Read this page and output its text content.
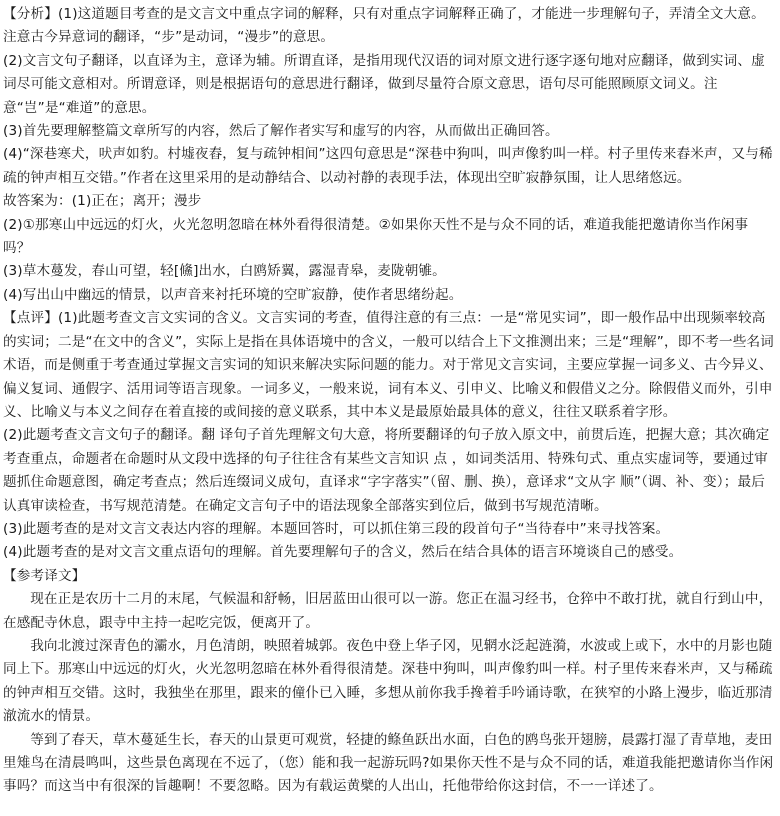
【分析】(1)这道题目考查的是文言文中重点字词的解释，只有对重点字词解释正确了，才能进一步理解句子，弄清全文大意。注意古今异意词的翻译，“步”是动词，“漫步”的意思。

(2)文言文句子翻译，以直译为主，意译为辅。所谓直译，是指用现代汉语的词对原文进行逐字逐句地对应翻译，做到实词、虚词尽可能文意相对。所谓意译，则是根据语句的意思进行翻译，做到尽量符合原文意思，语句尽可能照顾原文词义。注意“岂”是“难道”的意思。

(3)首先要理解整篇文章所写的内容，然后了解作者实写和虚写的内容，从而做出正确回答。

(4)“深巷寒犬，吠声如豹。村墟夜舂，复与疏钟相间”这四句意思是“深巷中狗叫，叫声像豹叫一样。村子里传来舂米声，又与稀疏的钟声相互交错。”作者在这里采用的是动静结合、以动衬静的表现手法，体现出空旷寂静氛围，让人思绪悠远。

故答案为：(1)正在；离开；漫步

(2)①那寒山中远远的灯火，火光忽明忽暗在林外看得很清楚。②如果你天性不是与众不同的话，难道我能把邀请你当作闲事吗？

(3)草木蔓发，春山可望，轻[鯈]出水，白鸥矫翼，露湿青皋，麦陇朝雊。

(4)写出山中幽远的情景，以声音来衬托环境的空旷寂静，使作者思绪纷起。

【点评】(1)此题考查文言文实词的含义。文言实词的考查，值得注意的有三点：一是“常见实词”，即一般作品中出现频率较高的实词；二是“在文中的含义”，实际上是指在具体语境中的含义，一般可以结合上下文推测出来；三是“理解”，即不考一些名词术语，而是侧重于考查通过掌握文言实词的知识来解决实际问题的能力。对于常见文言实词，主要应掌握一词多义、古今异义、偏义复词、通假字、活用词等语言现象。一词多义，一般来说，词有本义、引申义、比喻义和假借义之分。除假借义而外，引申义、比喻义与本义之间存在着直接的或间接的意义联系，其中本义是最原始最具体的意义，往往又联系着字形。

(2)此题考查文言文句子的翻译。翻 译句子首先理解文句大意，将所要翻译的句子放入原文中，前贯后连，把握大意；其次确定考查重点，命题者在命题时从文段中选择的句子往往含有某些文言知识 点 ，如词类活用、特殊句式、重点实虚词等，要通过审题抓住命题意图，确定考查点；然后连缀词义成句，直译求“字字落实”（留、删、换），意译求“文从字 顺”（调、补、变）；最后认真审读检查，书写规范清楚。在确定文言句子中的语法现象全部落实到位后，做到书写规范清晰。

(3)此题考查的是对文言文表达内容的理解。本题回答时，可以抓住第三段的段首句子“当待春中”来寻找答案。

(4)此题考查的是对文言文重点语句的理解。首先要理解句子的含义，然后在结合具体的语言环境谈自己的感受。

【参考译文】

现在正是农历十二月的末尾，气候温和舒畅，旧居蓝田山很可以一游。您正在温习经书，仓猝中不敢打扰，就自行到山中，在感配寺休息，跟寺中主持一起吃完饭，便离开了。

我向北渡过深青色的灞水，月色清朗，映照着城郭。夜色中登上华子冈，见辋水泛起涟漪，水波或上或下，水中的月影也随同上下。那寒山中远远的灯火，火光忽明忽暗在林外看得很清楚。深巷中狗叫，叫声像豹叫一样。村子里传来舂米声，又与稀疏的钟声相互交错。这时，我独坐在那里，跟来的僮仆已入睡，多想从前你我手搀着手吟诵诗歌，在狭窄的小路上漫步，临近那清澈流水的情景。

等到了春天，草木蔓延生长，春天的山景更可观赏，轻捷的鲦鱼跃出水面，白色的鸥鸟张开翅膀，晨露打湿了青草地，麦田里雉鸟在清晨鸣叫，这些景色离现在不远了，（您）能和我一起游玩吗?如果你天性不是与众不同的话，难道我能把邀请你当作闲事吗？而这当中有很深的旨趣啊！不要忽略。因为有载运黄檗的人出山，托他带给你这封信，不一一详述了。
